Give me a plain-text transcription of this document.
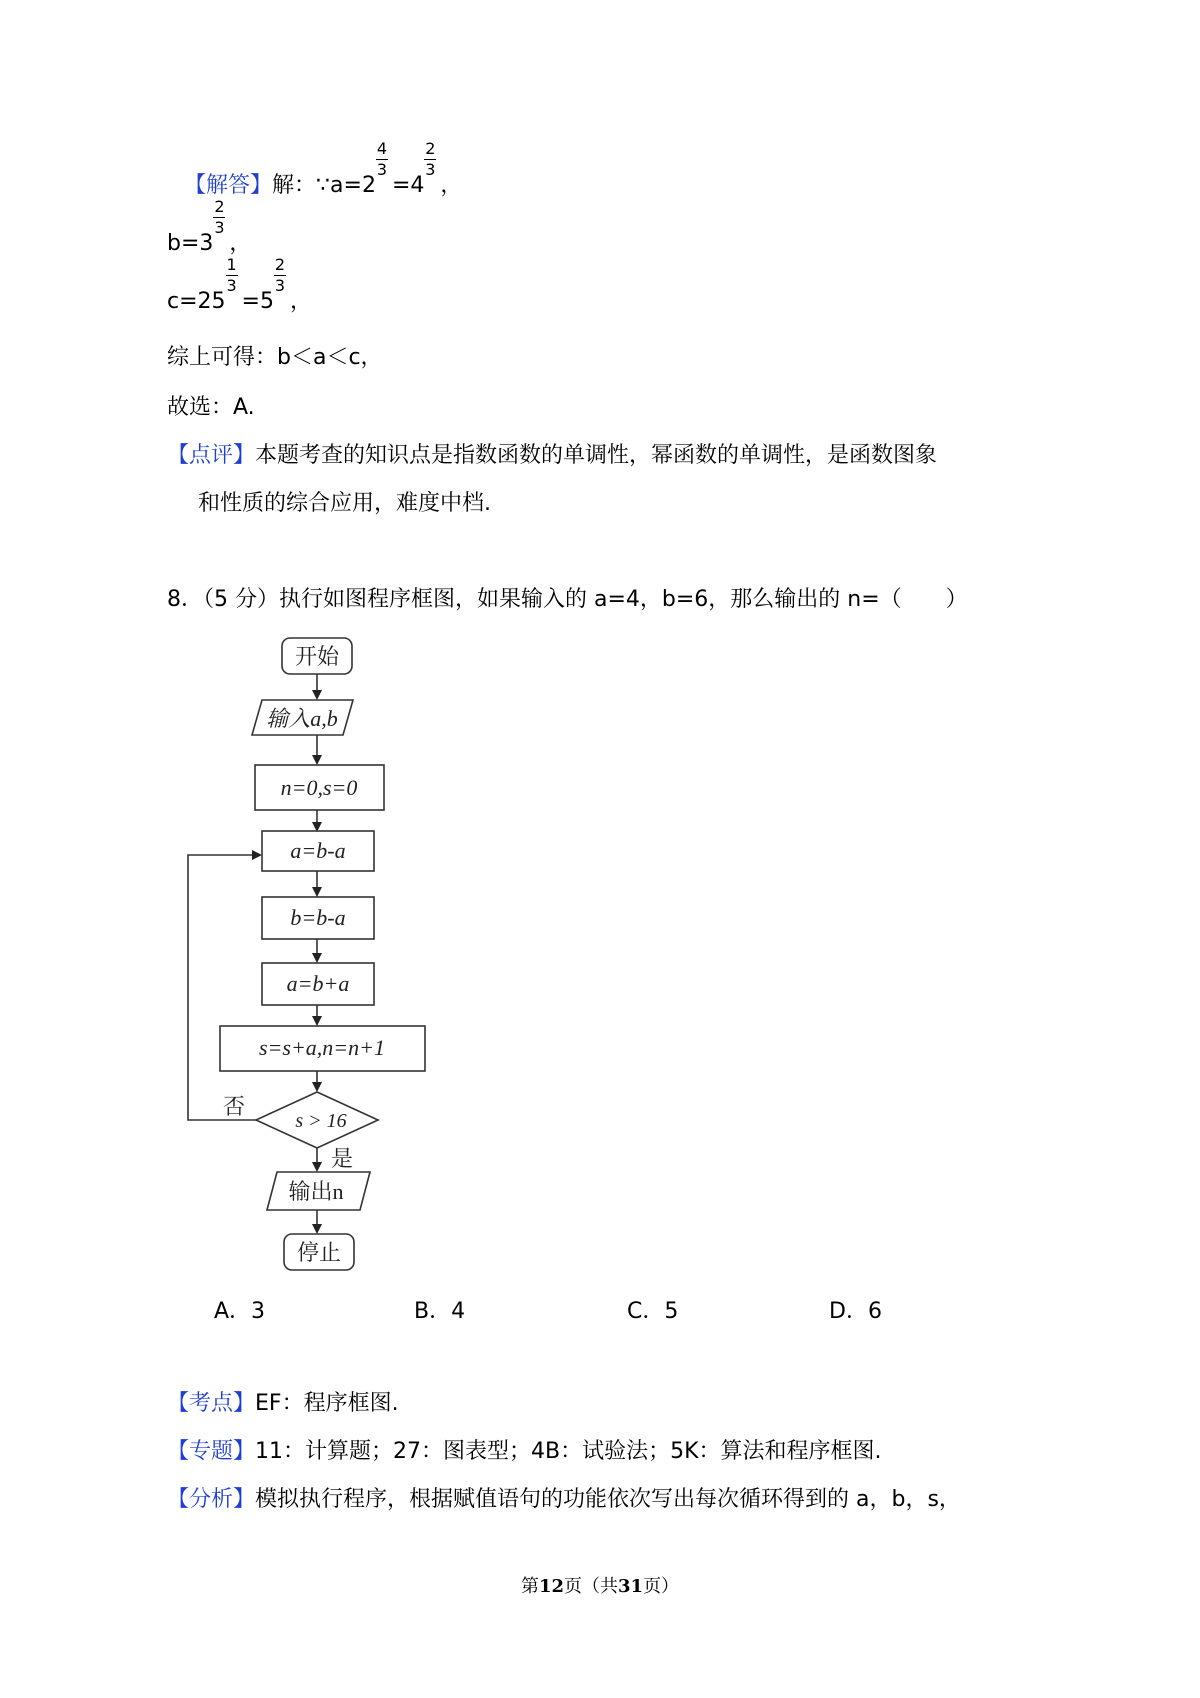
【解答】解：∵a=2
4
3
=4
2
3
，
b=3
2
3
，
c=25
1
3
=5
2
3
，
综上可得：b＜a＜c，
故选：A.
【点评】本题考查的知识点是指数函数的单调性，幂函数的单调性，是函数图象
和性质的综合应用，难度中档.
8．（5 分）执行如图程序框图，如果输入的 a=4，b=6，那么输出的 n=（　　）
开始
输入a,b
n=0,s=0
a=b-a
b=b-a
a=b+a
s=s+a,n=n+1
s > 16
否
是
输出n
停止
A．3	B．4	C．5	D．6
【考点】EF：程序框图.
【专题】11：计算题；27：图表型；4B：试验法；5K：算法和程序框图.
【分析】模拟执行程序，根据赋值语句的功能依次写出每次循环得到的 a，b，s，
第12页（共31页）
